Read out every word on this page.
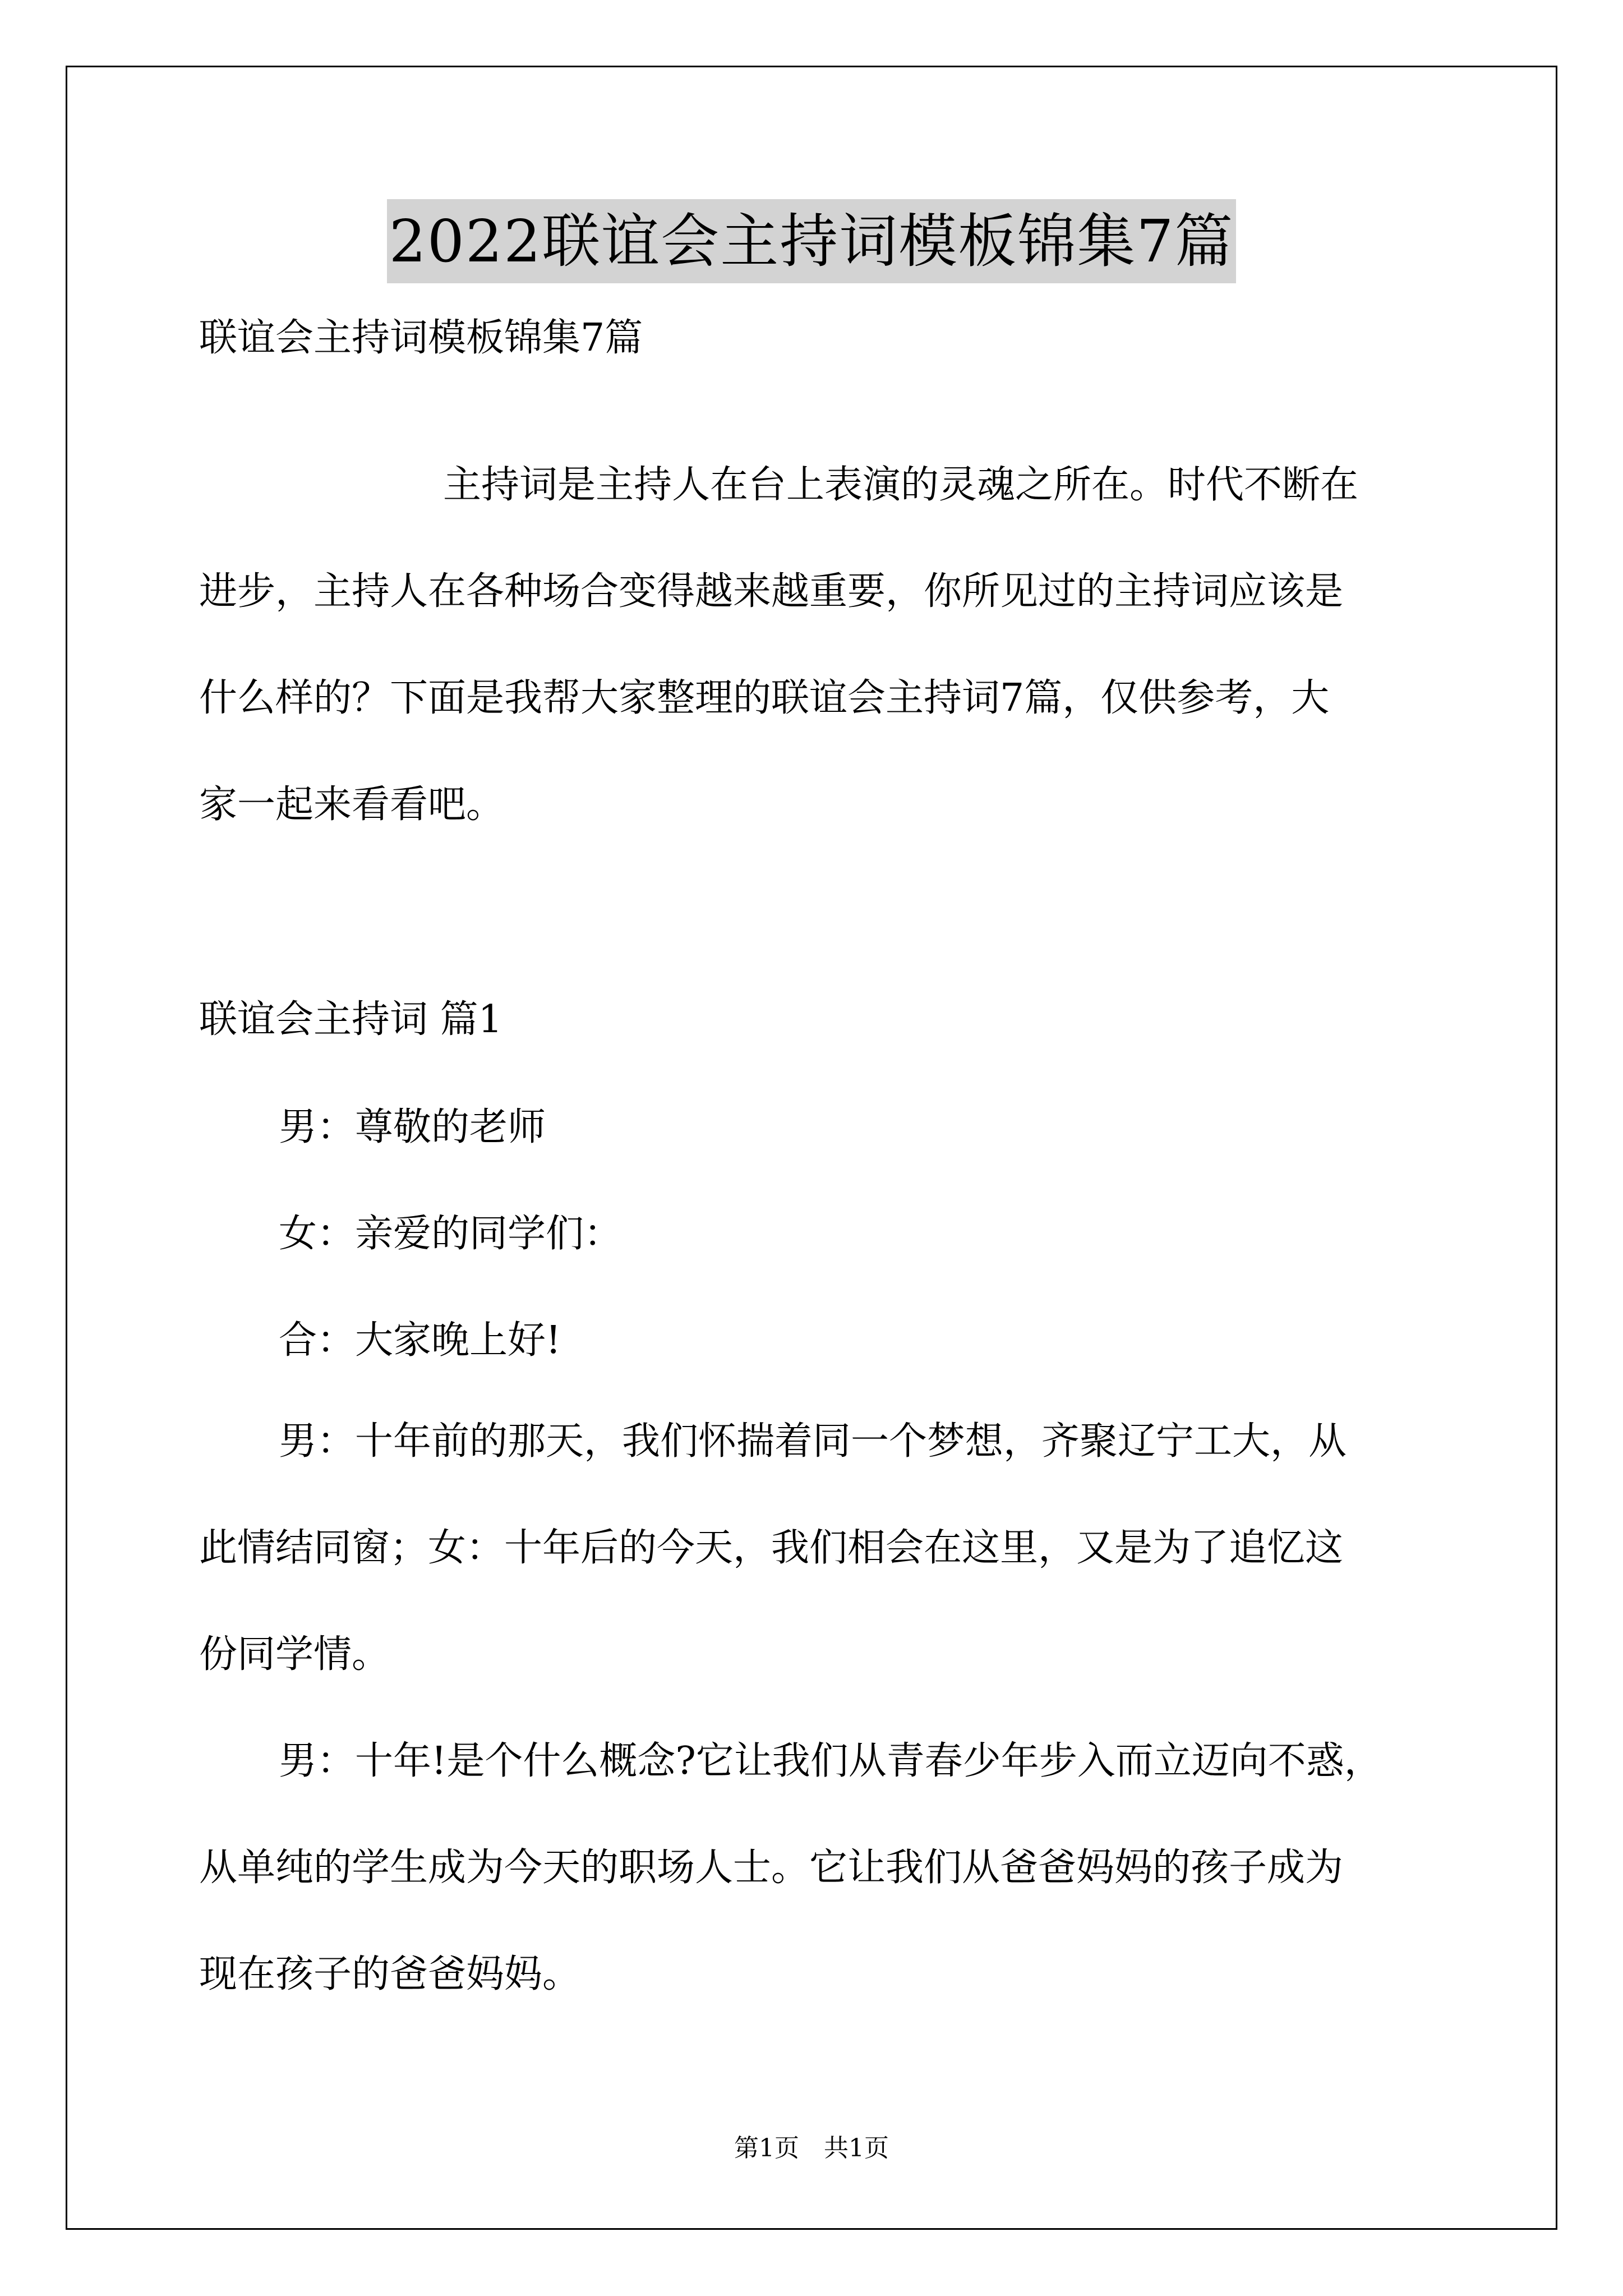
2022联谊会主持词模板锦集7篇
联谊会主持词模板锦集7篇
主持词是主持人在台上表演的灵魂之所在。时代不断在
进步，主持人在各种场合变得越来越重要，你所见过的主持词应该是
什么样的？下面是我帮大家整理的联谊会主持词7篇，仅供参考，大
家一起来看看吧。
联谊会主持词 篇1
男：尊敬的老师
女：亲爱的同学们：
合：大家晚上好!
男：十年前的那天，我们怀揣着同一个梦想，齐聚辽宁工大，从
此情结同窗；女：十年后的今天，我们相会在这里，又是为了追忆这
份同学情。
男：十年!是个什么概念?它让我们从青春少年步入而立迈向不惑，
从单纯的学生成为今天的职场人士。它让我们从爸爸妈妈的孩子成为
现在孩子的爸爸妈妈。
第1页　共1页
